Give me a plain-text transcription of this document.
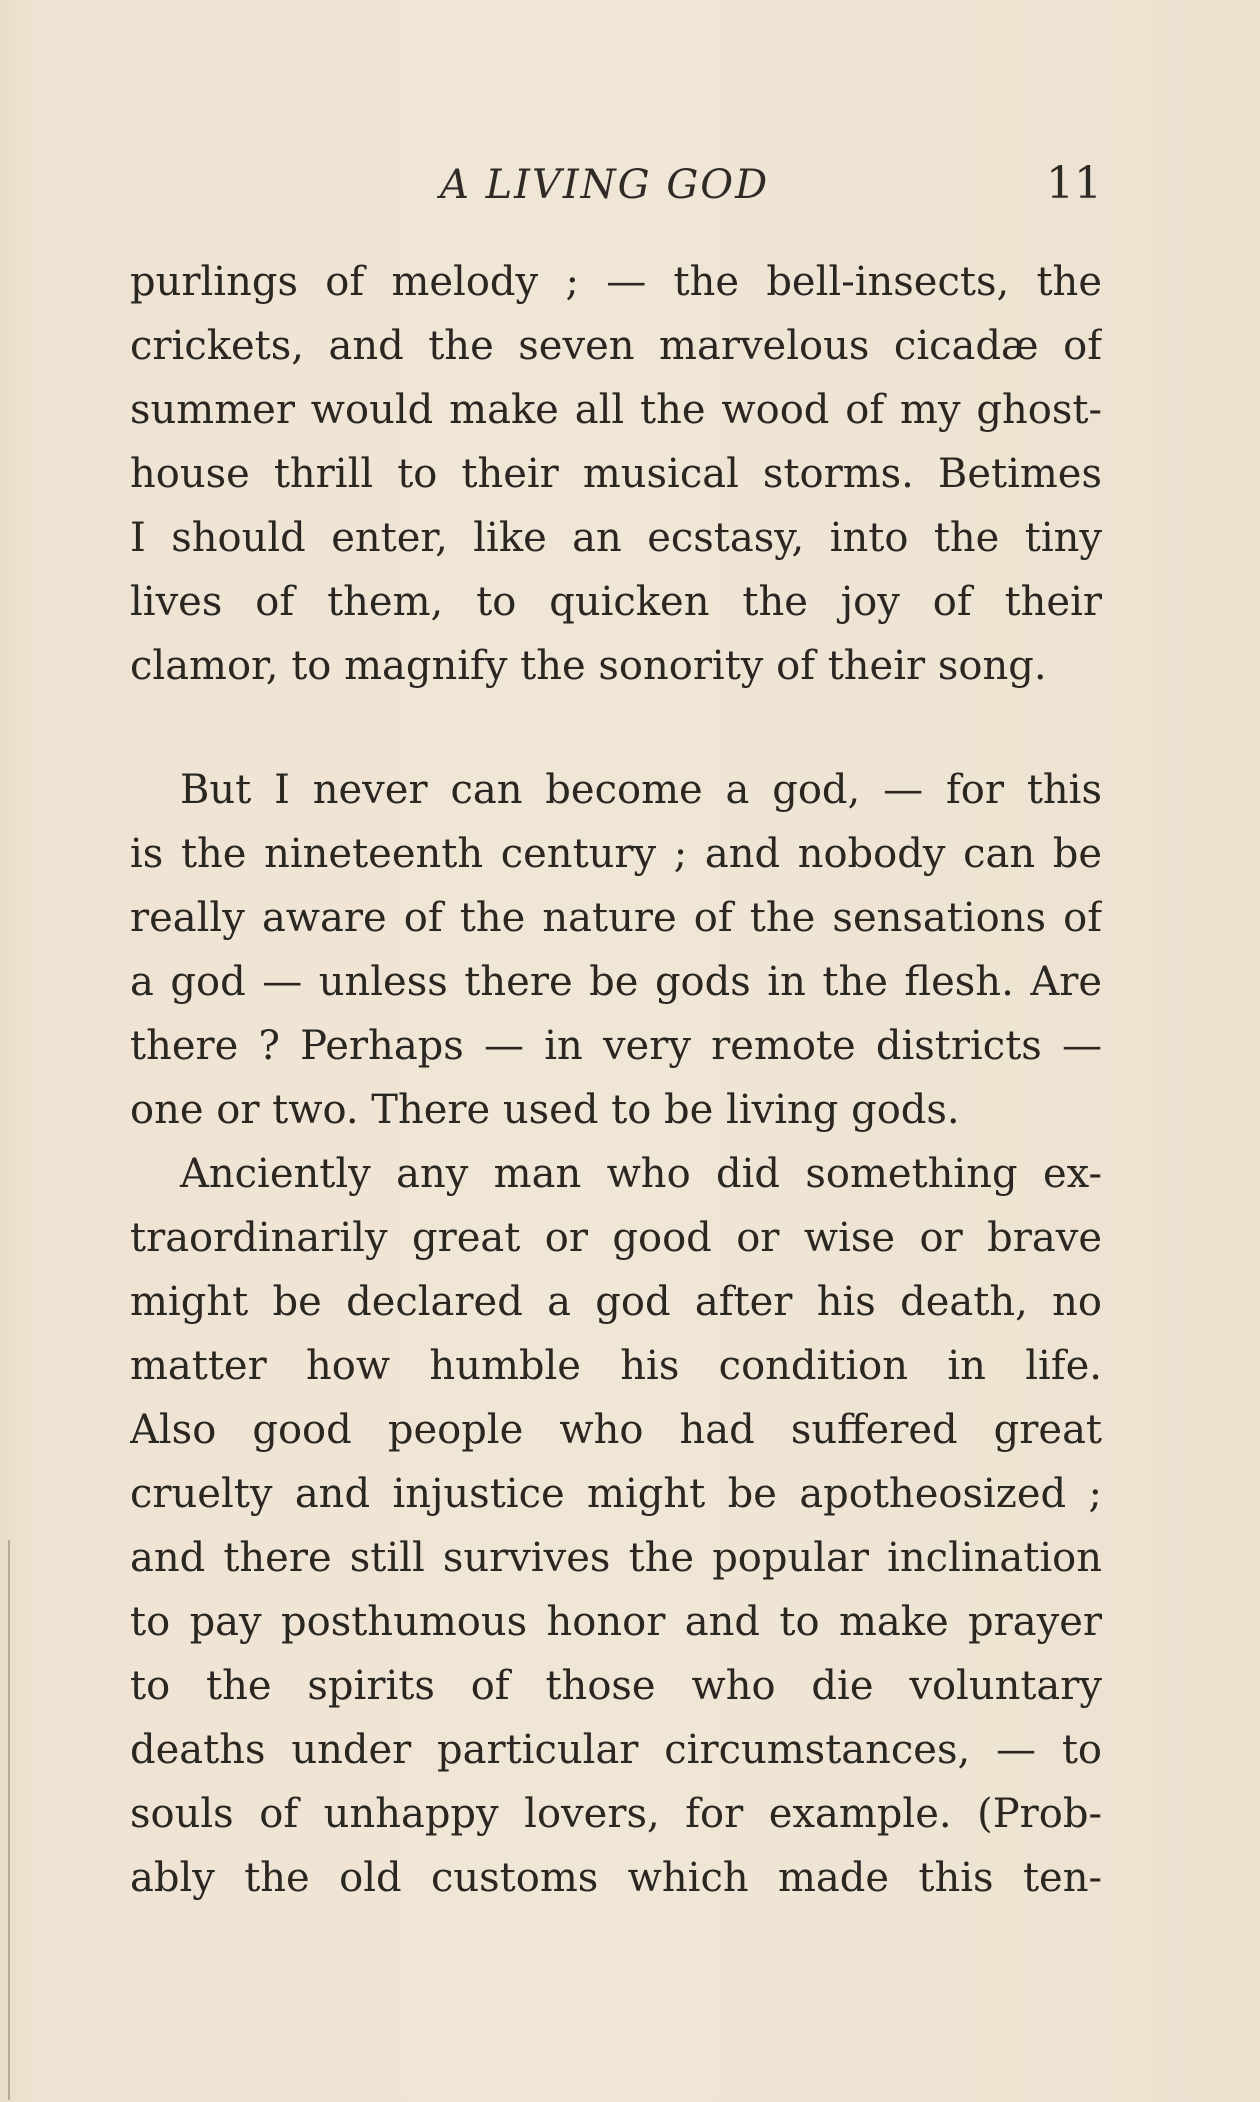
A LIVING GOD	11
purlings of melody ; — the bell-insects, the
crickets, and the seven marvelous cicadæ of
summer would make all the wood of my ghost-
house thrill to their musical storms. Betimes
I should enter, like an ecstasy, into the tiny
lives of them, to quicken the joy of their
clamor, to magnify the sonority of their song.
But I never can become a god, — for this
is the nineteenth century ; and nobody can be
really aware of the nature of the sensations of
a god — unless there be gods in the flesh. Are
there ? Perhaps — in very remote districts —
one or two. There used to be living gods.
Anciently any man who did something ex-
traordinarily great or good or wise or brave
might be declared a god after his death, no
matter how humble his condition in life.
Also good people who had suffered great
cruelty and injustice might be apotheosized ;
and there still survives the popular inclination
to pay posthumous honor and to make prayer
to the spirits of those who die voluntary
deaths under particular circumstances, — to
souls of unhappy lovers, for example. (Prob-
ably the old customs which made this ten-
